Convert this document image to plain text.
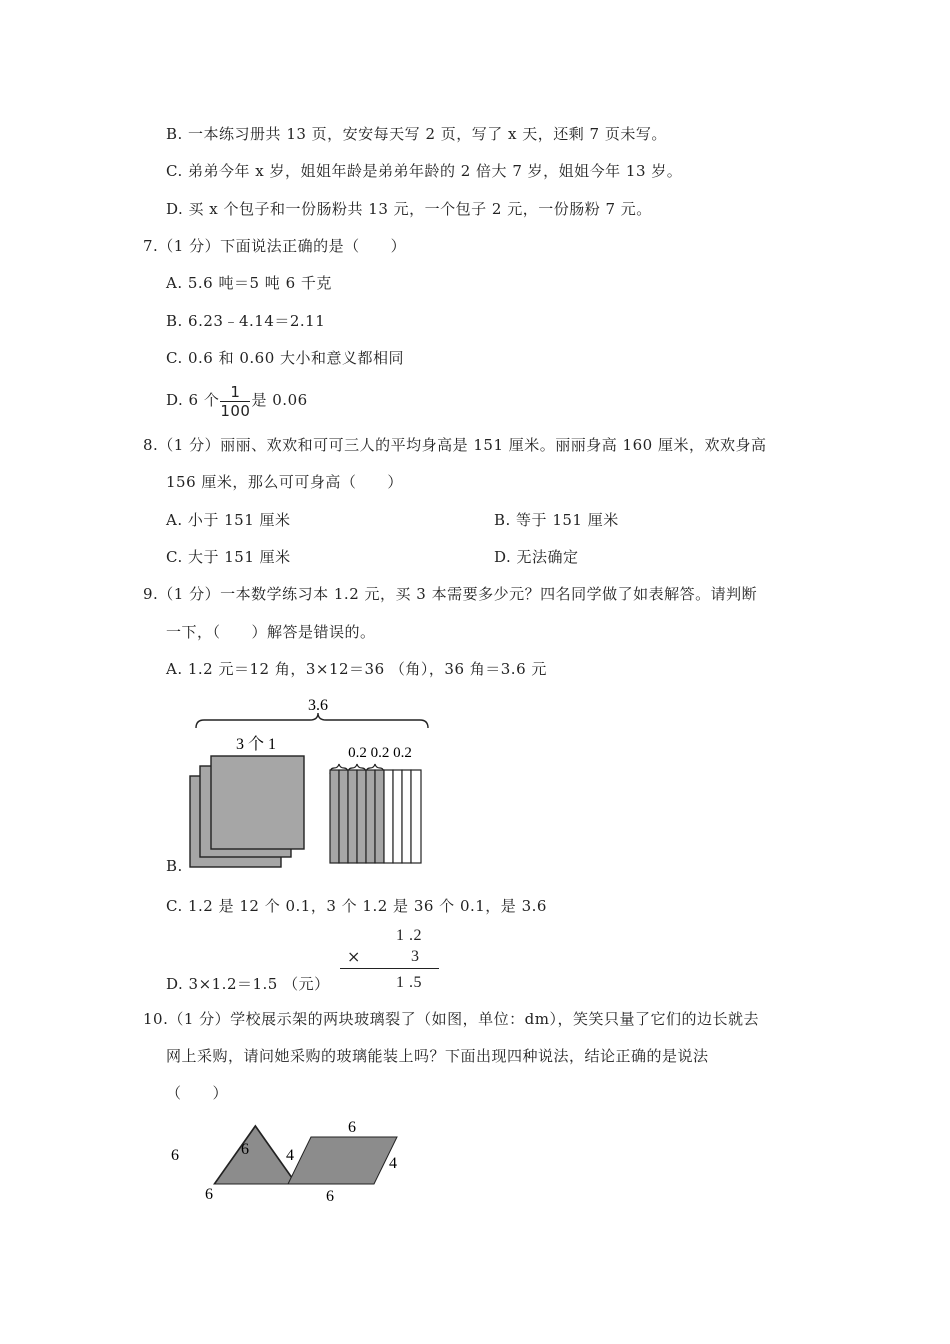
B. 一本练习册共 13 页，安安每天写 2 页，写了 x 天，还剩 7 页未写。
C. 弟弟今年 x 岁，姐姐年龄是弟弟年龄的 2 倍大 7 岁，姐姐今年 13 岁。
D. 买 x 个包子和一份肠粉共 13 元，一个包子 2 元，一份肠粉 7 元。
7.（1 分）下面说法正确的是（　　）
A. 5.6 吨＝5 吨 6 千克
B. 6.23﹣4.14＝2.11
C. 0.6 和 0.60 大小和意义都相同
D. 6 个 $\frac{1}{100}$ 是 0.06
8.（1 分）丽丽、欢欢和可可三人的平均身高是 151 厘米。丽丽身高 160 厘米，欢欢身高
156 厘米，那么可可身高（　　）
A. 小于 151 厘米	B. 等于 151 厘米
C. 大于 151 厘米	D. 无法确定
9.（1 分）一本数学练习本 1.2 元，买 3 本需要多少元？四名同学做了如表解答。请判断
一下，（　　）解答是错误的。
A. 1.2 元＝12 角，3×12＝36 （角），36 角＝3.6 元
3.6
3 个 1	0.2 0.2 0.2
B.
C. 1.2 是 12 个 0.1，3 个 1.2 是 36 个 0.1，是 3.6
1 .2
×	3
1 .5
D. 3×1.2＝1.5 （元）
10.（1 分）学校展示架的两块玻璃裂了（如图，单位：dm），笑笑只量了它们的边长就去
网上采购，请问她采购的玻璃能装上吗？下面出现四种说法，结论正确的是说法
（　　）
6	6
6
6
4	4
6
